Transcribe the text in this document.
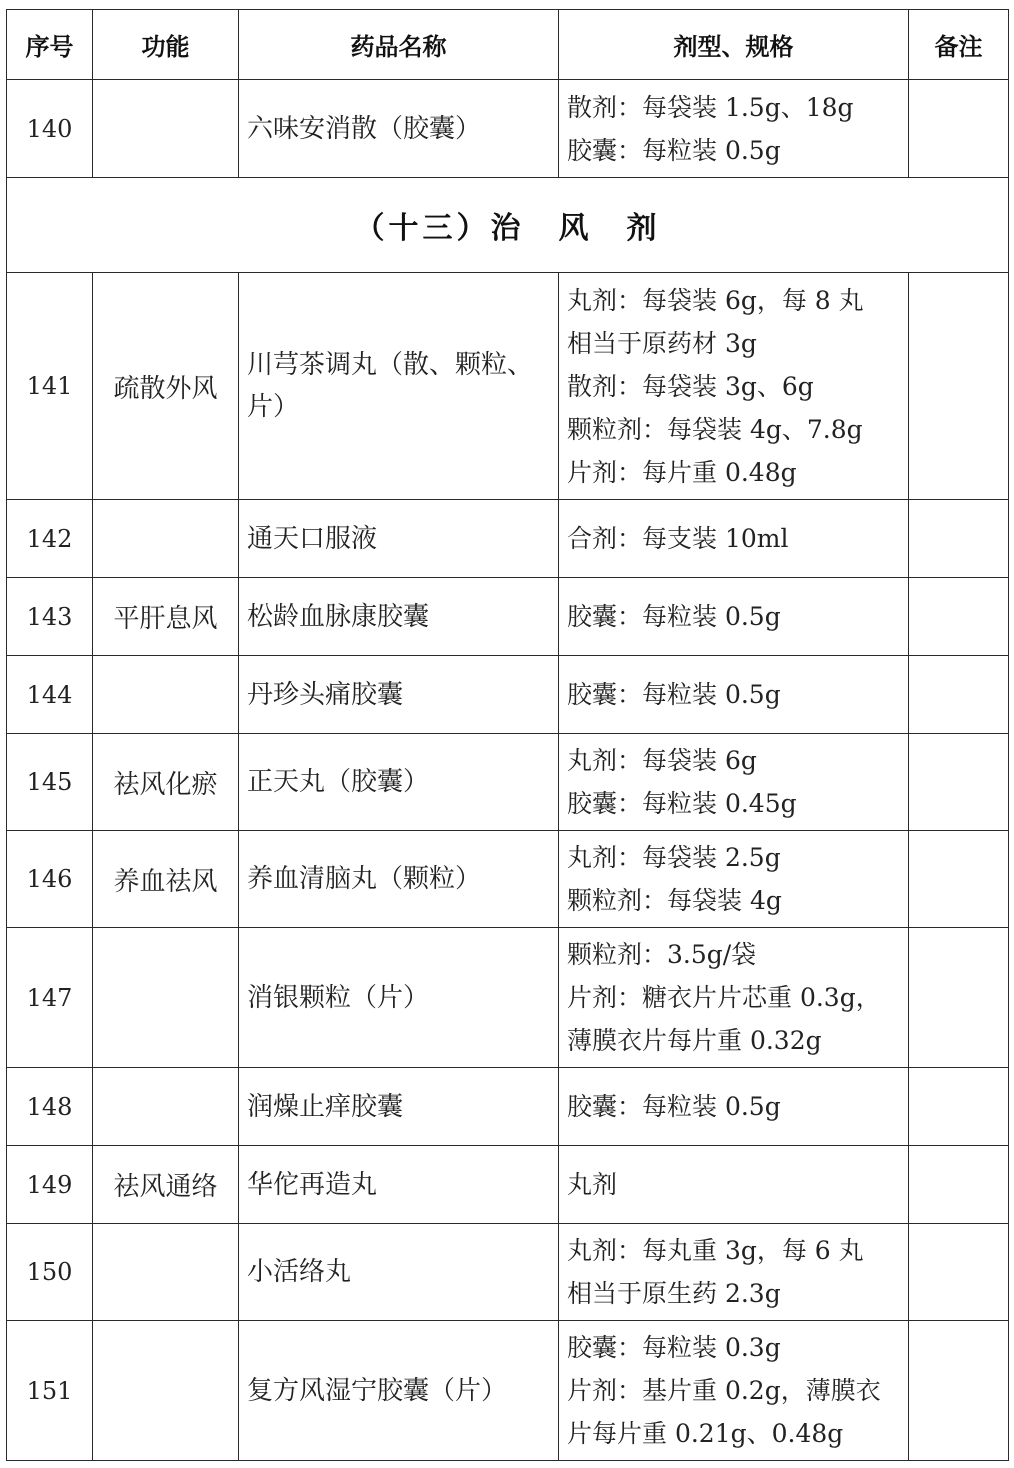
序号	功能	药品名称	剂型、规格	备注
140		六味安消散（胶囊）	散剂：每袋装 1.5g、18g
胶囊：每粒装 0.5g	

（十三）治　风　剂				
141	疏散外风	川芎茶调丸（散、颗粒、片）	丸剂：每袋装 6g，每 8 丸
相当于原药材 3g
散剂：每袋装 3g、6g
颗粒剂：每袋装 4g、7.8g
片剂：每片重 0.48g	

142		通天口服液	合剂：每支装 10ml	

143	平肝息风	松龄血脉康胶囊	胶囊：每粒装 0.5g	

144		丹珍头痛胶囊	胶囊：每粒装 0.5g	

145	祛风化瘀	正天丸（胶囊）	丸剂：每袋装 6g
胶囊：每粒装 0.45g	

146	养血祛风	养血清脑丸（颗粒）	丸剂：每袋装 2.5g
颗粒剂：每袋装 4g	

147		消银颗粒（片）	颗粒剂：3.5g/袋
片剂：糖衣片片芯重 0.3g，
薄膜衣片每片重 0.32g	

148		润燥止痒胶囊	胶囊：每粒装 0.5g	

149	祛风通络	华佗再造丸	丸剂	

150		小活络丸	丸剂：每丸重 3g，每 6 丸
相当于原生药 2.3g	

151		复方风湿宁胶囊（片）	胶囊：每粒装 0.3g
片剂：基片重 0.2g，薄膜衣
片每片重 0.21g、0.48g	
